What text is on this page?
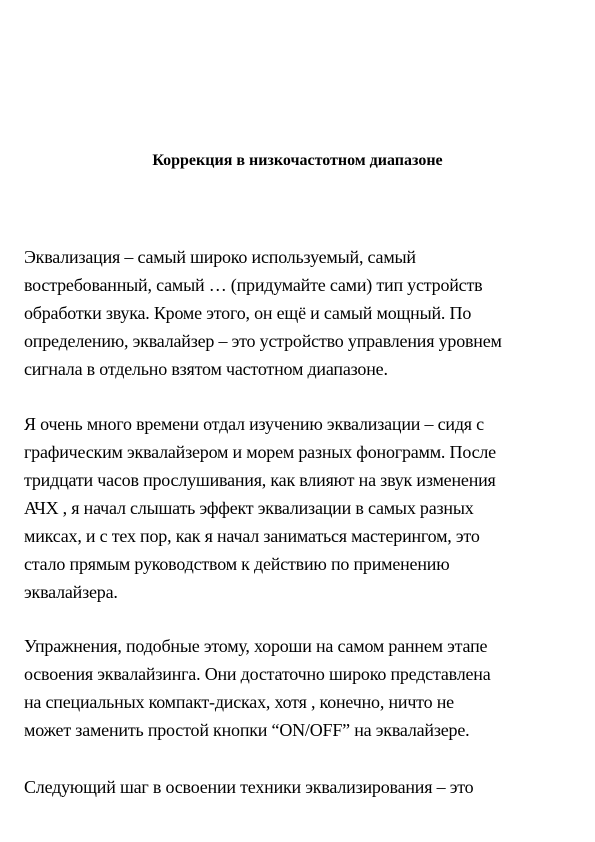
Коррекция в низкочастотном диапазоне

Эквализация – самый широко используемый, самый
востребованный, самый … (придумайте сами) тип устройств
обработки звука. Кроме этого, он ещё и самый мощный. По
определению, эквалайзер – это устройство управления уровнем
сигнала в отдельно взятом частотном диапазоне.

Я очень много времени отдал изучению эквализации – сидя с
графическим эквалайзером и морем разных фонограмм. После
тридцати часов прослушивания, как влияют на звук изменения
АЧХ , я начал слышать эффект эквализации в самых разных
миксах, и с тех пор, как я начал заниматься мастерингом, это
стало прямым руководством к действию по применению
эквалайзера.

Упражнения, подобные этому, хороши на самом раннем этапе
освоения эквалайзинга. Они достаточно широко представлена
на специальных компакт-дисках, хотя , конечно, ничто не
может заменить простой кнопки “ON/OFF” на эквалайзере.

Следующий шаг в освоении техники эквализирования – это
